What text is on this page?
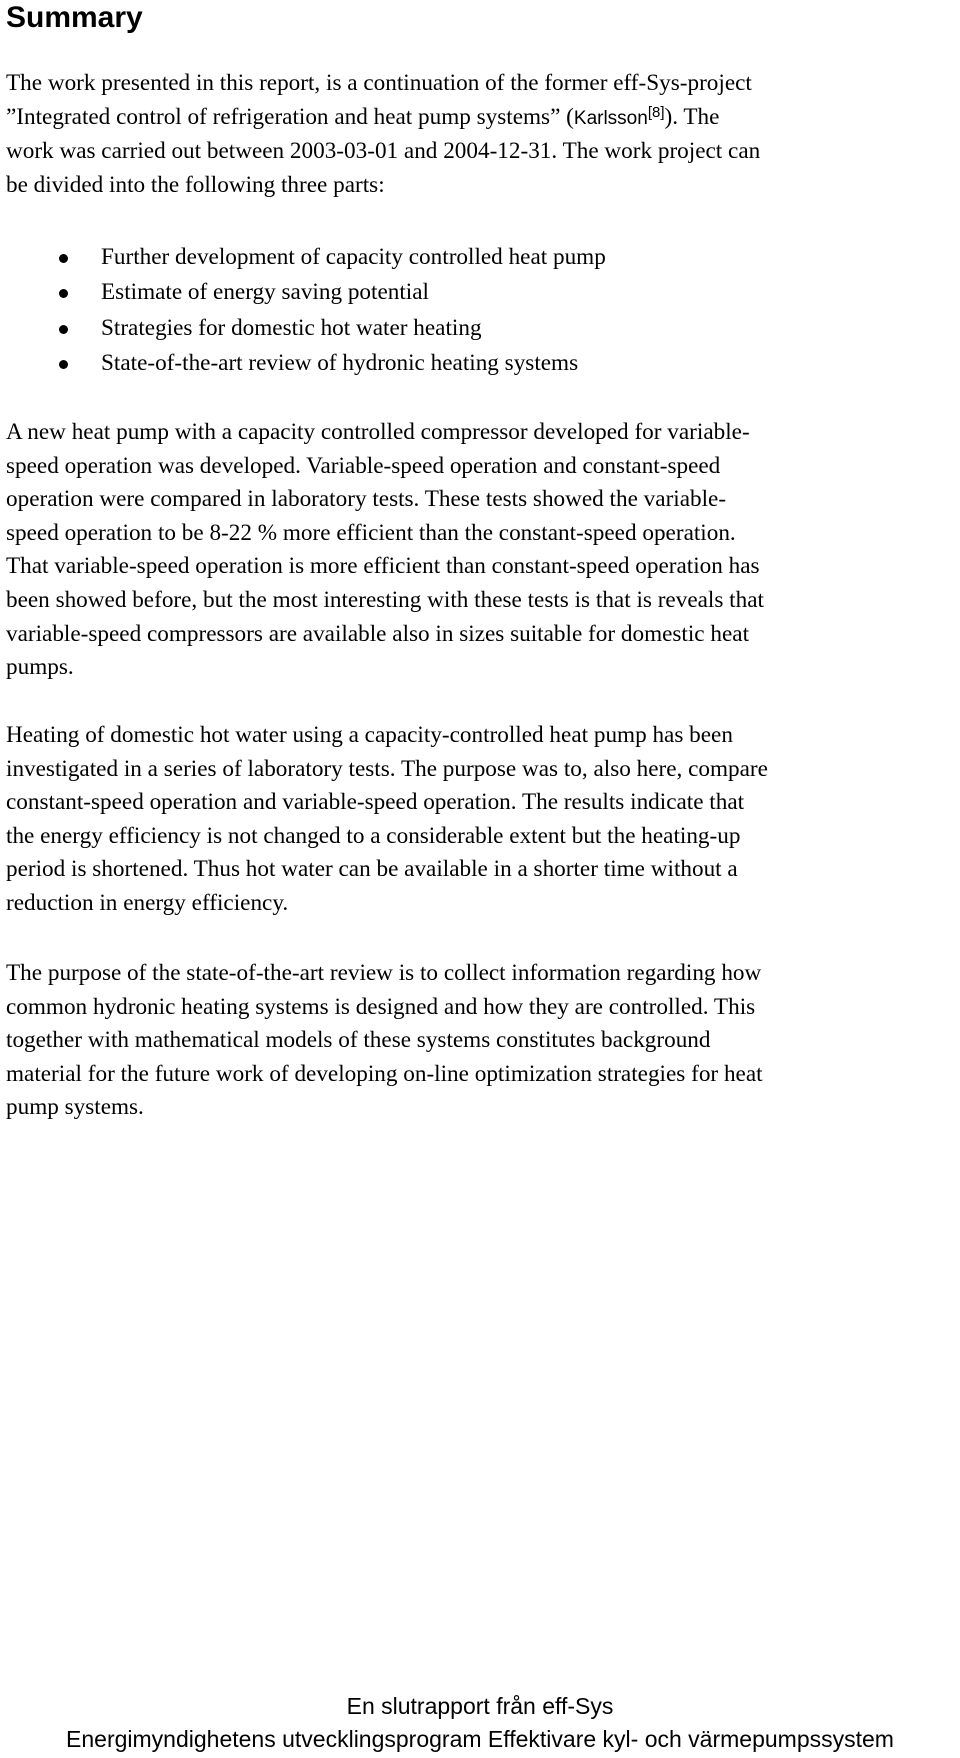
Summary
The work presented in this report, is a continuation of the former eff-Sys-project
”Integrated control of refrigeration and heat pump systems” (Karlsson[8]). The
work was carried out between 2003-03-01 and 2004-12-31. The work project can
be divided into the following three parts:
Further development of capacity controlled heat pump
Estimate of energy saving potential
Strategies for domestic hot water heating
State-of-the-art review of hydronic heating systems
A new heat pump with a capacity controlled compressor developed for variable-
speed operation was developed. Variable-speed operation and constant-speed
operation were compared in laboratory tests. These tests showed the variable-
speed operation to be 8-22 % more efficient than the constant-speed operation.
That variable-speed operation is more efficient than constant-speed operation has
been showed before, but the most interesting with these tests is that is reveals that
variable-speed compressors are available also in sizes suitable for domestic heat
pumps.
Heating of domestic hot water using a capacity-controlled heat pump has been
investigated in a series of laboratory tests. The purpose was to, also here, compare
constant-speed operation and variable-speed operation. The results indicate that
the energy efficiency is not changed to a considerable extent but the heating-up
period is shortened. Thus hot water can be available in a shorter time without a
reduction in energy efficiency.
The purpose of the state-of-the-art review is to collect information regarding how
common hydronic heating systems is designed and how they are controlled. This
together with mathematical models of these systems constitutes background
material for the future work of developing on-line optimization strategies for heat
pump systems.
En slutrapport från eff-Sys
Energimyndighetens utvecklingsprogram Effektivare kyl- och värmepumpssystem
